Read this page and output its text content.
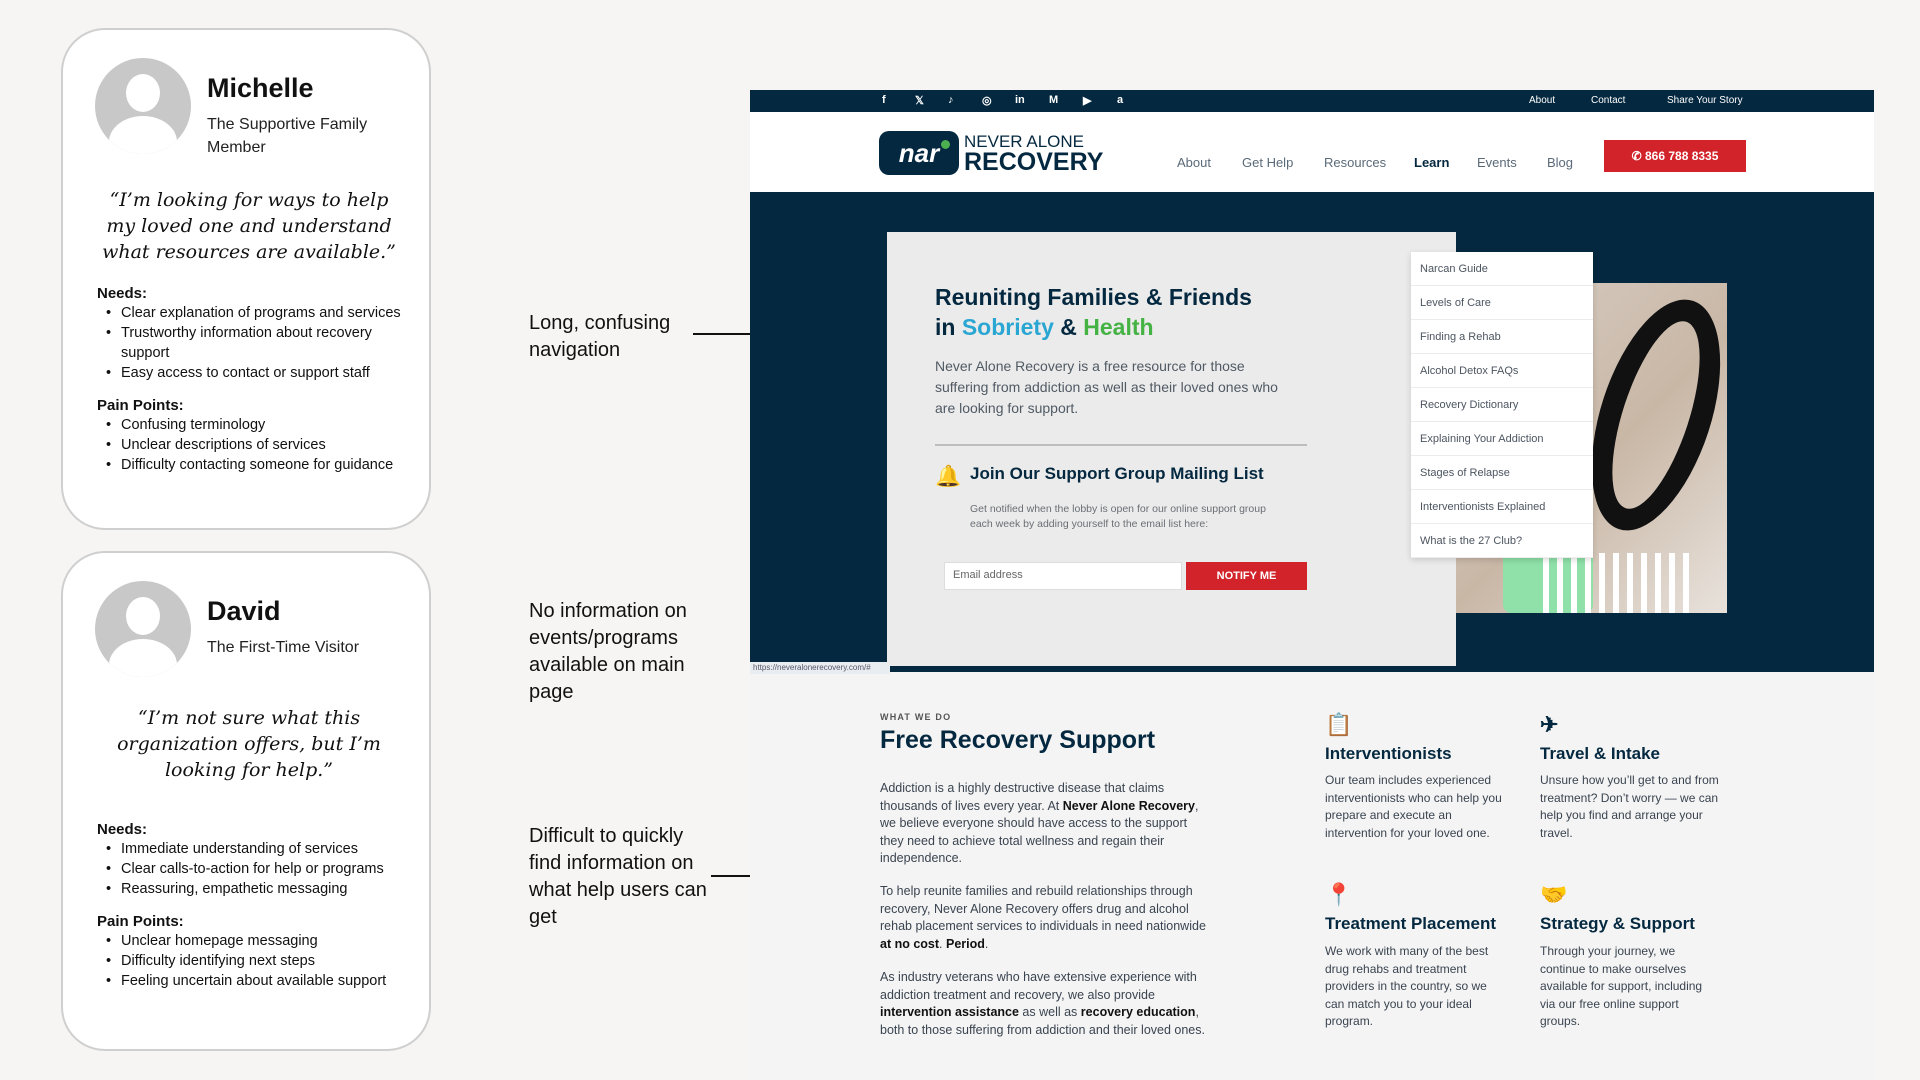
Michelle
The Supportive Family Member
“I’m looking for ways to help my loved one and understand what resources are available.”
Needs:
• Clear explanation of programs and services
• Trustworthy information about recovery support
• Easy access to contact or support staff
Pain Points:
• Confusing terminology
• Unclear descriptions of services
• Difficulty contacting someone for guidance
David
The First-Time Visitor
“I’m not sure what this organization offers, but I’m looking for help.”
Needs:
• Immediate understanding of services
• Clear calls-to-action for help or programs
• Reassuring, empathetic messaging
Pain Points:
• Unclear homepage messaging
• Difficulty identifying next steps
• Feeling uncertain about available support
Long, confusing navigation
No information on events/programs available on main page
Difficult to quickly find information on what help users can get
f	𝕏 ♪	◎ in M ▶ a	About	Contact	Share Your Story
nar	NEVER ALONE
RECOVERY	About Get Help Resources Learn Events Blog	✆ 866 788 8335
Reuniting Families & Friends
in Sobriety & Health
Never Alone Recovery is a free resource for those suffering from addiction as well as their loved ones who are looking for support.
🔔 Join Our Support Group Mailing List
Get notified when the lobby is open for our online support group each week by adding yourself to the email list here:
Email address	NOTIFY ME
Narcan Guide
Levels of Care
Finding a Rehab
Alcohol Detox FAQs
Recovery Dictionary
Explaining Your Addiction
Stages of Relapse
Interventionists Explained
What is the 27 Club?
https://neveralonerecovery.com/#
WHAT WE DO
Free Recovery Support
Addiction is a highly destructive disease that claims thousands of lives every year. At Never Alone Recovery, we believe everyone should have access to the support they need to achieve total wellness and regain their independence.
To help reunite families and rebuild relationships through recovery, Never Alone Recovery offers drug and alcohol rehab placement services to individuals in need nationwide at no cost. Period.
As industry veterans who have extensive experience with addiction treatment and recovery, we also provide intervention assistance as well as recovery education, both to those suffering from addiction and their loved ones.
📋
Interventionists
Our team includes experienced interventionists who can help you prepare and execute an intervention for your loved one.
✈
Travel & Intake
Unsure how you’ll get to and from treatment? Don’t worry — we can help you find and arrange your travel.
📍
Treatment Placement
We work with many of the best drug rehabs and treatment providers in the country, so we can match you to your ideal program.
🤝
Strategy & Support
Through your journey, we continue to make ourselves available for support, including via our free online support groups.
